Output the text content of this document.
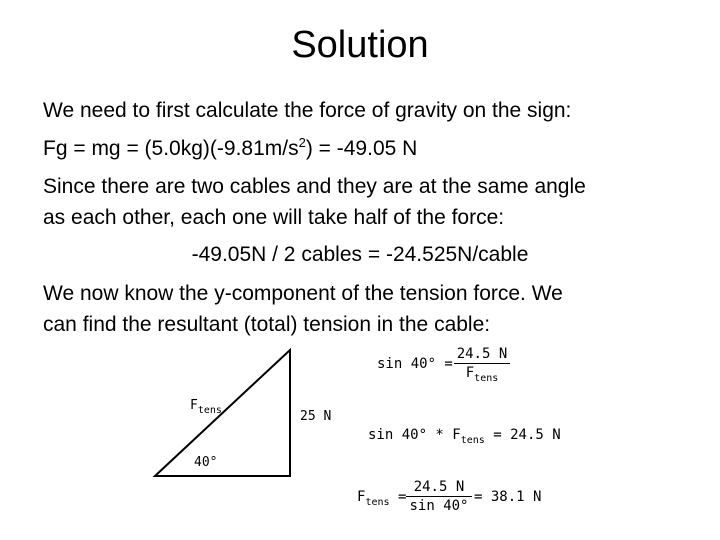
Solution
We need to first calculate the force of gravity on the sign:
Fg = mg = $(5.0kg)(-9.81m/s^2) = -49.05$ N
Since there are two cables and they are at the same angle
as each other, each one will take half of the force:
-49.05N / 2 cables = -24.525N/cable
We now know the y-component of the tension force. We
can find the resultant (total) tension in the cable:
$F_{tens}$	25 N
40°
sin 40° =
24.5 N
$F_{tens}$
$\sin 40^\circ * F_{tens} = 24.5$ N
$F_{tens}$ =
24.5 N
sin 40°
= 38.1 N
